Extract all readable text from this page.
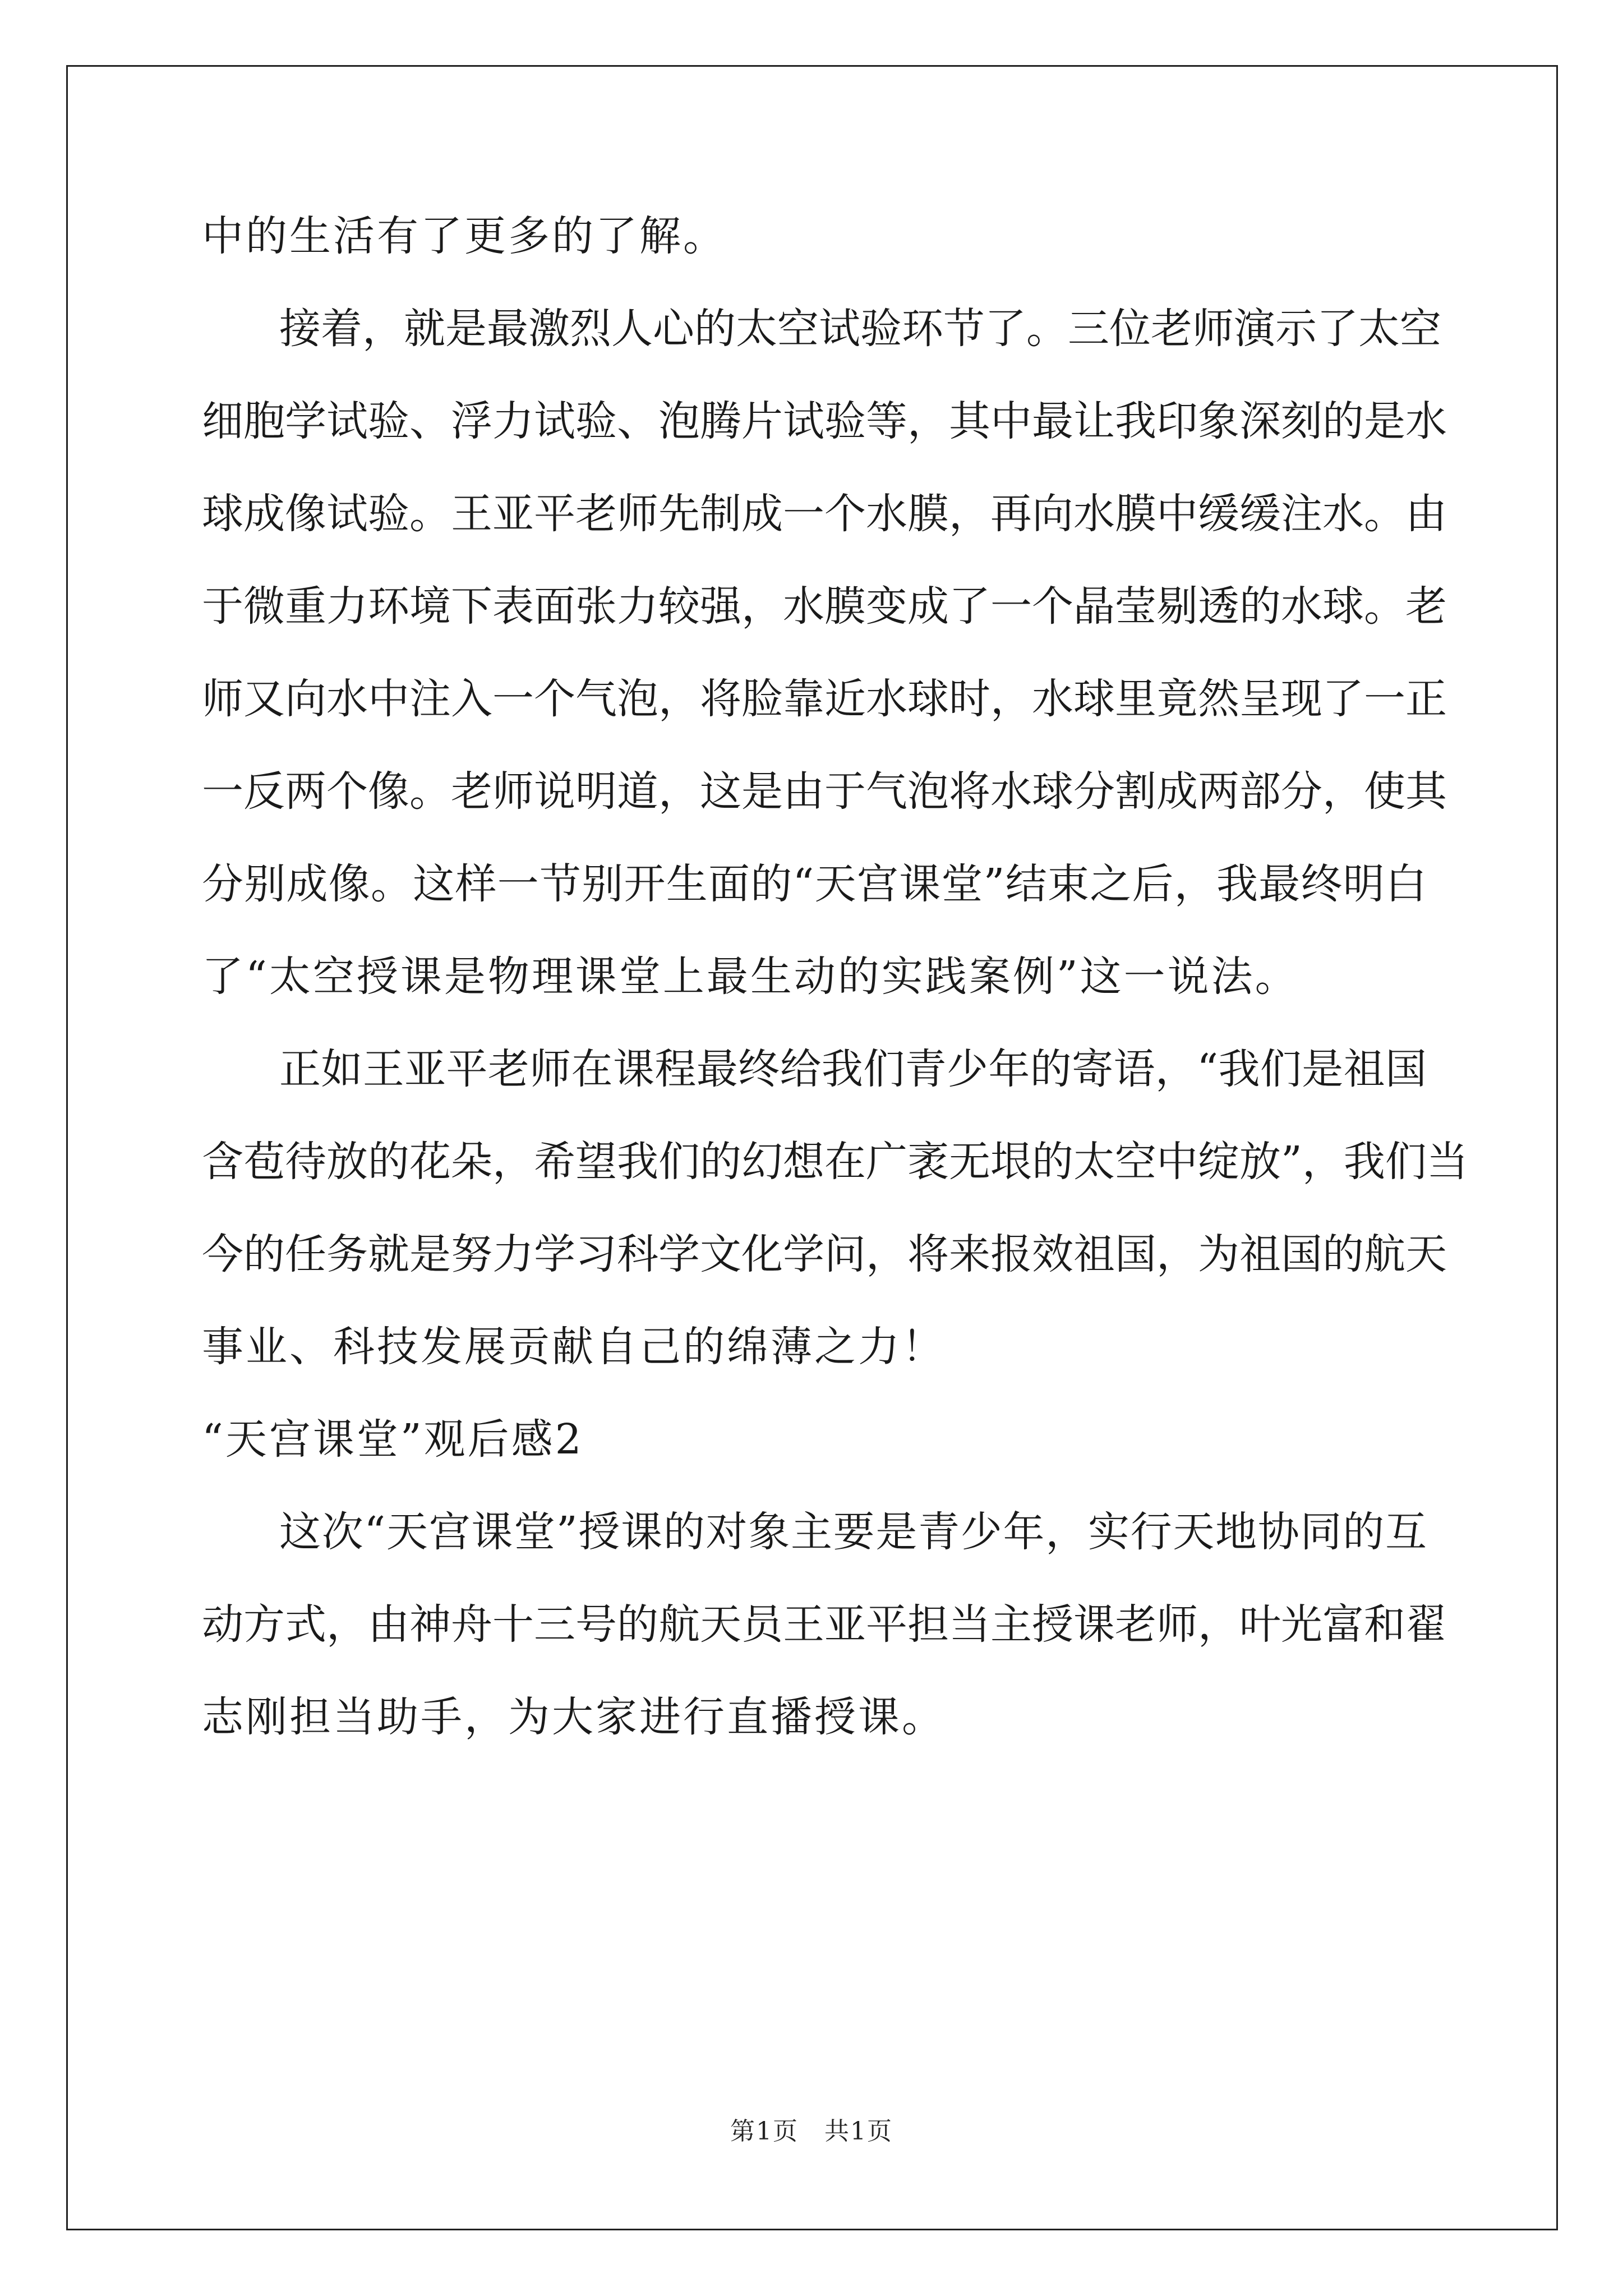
中的生活有了更多的了解。
接着，就是最激烈人心的太空试验环节了。三位老师演示了太空
细胞学试验、浮力试验、泡腾片试验等，其中最让我印象深刻的是水
球成像试验。王亚平老师先制成一个水膜，再向水膜中缓缓注水。由
于微重力环境下表面张力较强，水膜变成了一个晶莹剔透的水球。老
师又向水中注入一个气泡，将脸靠近水球时，水球里竟然呈现了一正
一反两个像。老师说明道，这是由于气泡将水球分割成两部分，使其
分别成像。这样一节别开生面的“天宫课堂”结束之后，我最终明白
了“太空授课是物理课堂上最生动的实践案例”这一说法。
正如王亚平老师在课程最终给我们青少年的寄语，“我们是祖国
含苞待放的花朵，希望我们的幻想在广袤无垠的太空中绽放”，我们当
今的任务就是努力学习科学文化学问，将来报效祖国，为祖国的航天
事业、科技发展贡献自己的绵薄之力！
“天宫课堂”观后感2
这次“天宫课堂”授课的对象主要是青少年，实行天地协同的互
动方式，由神舟十三号的航天员王亚平担当主授课老师，叶光富和翟
志刚担当助手，为大家进行直播授课。
第1页　共1页
